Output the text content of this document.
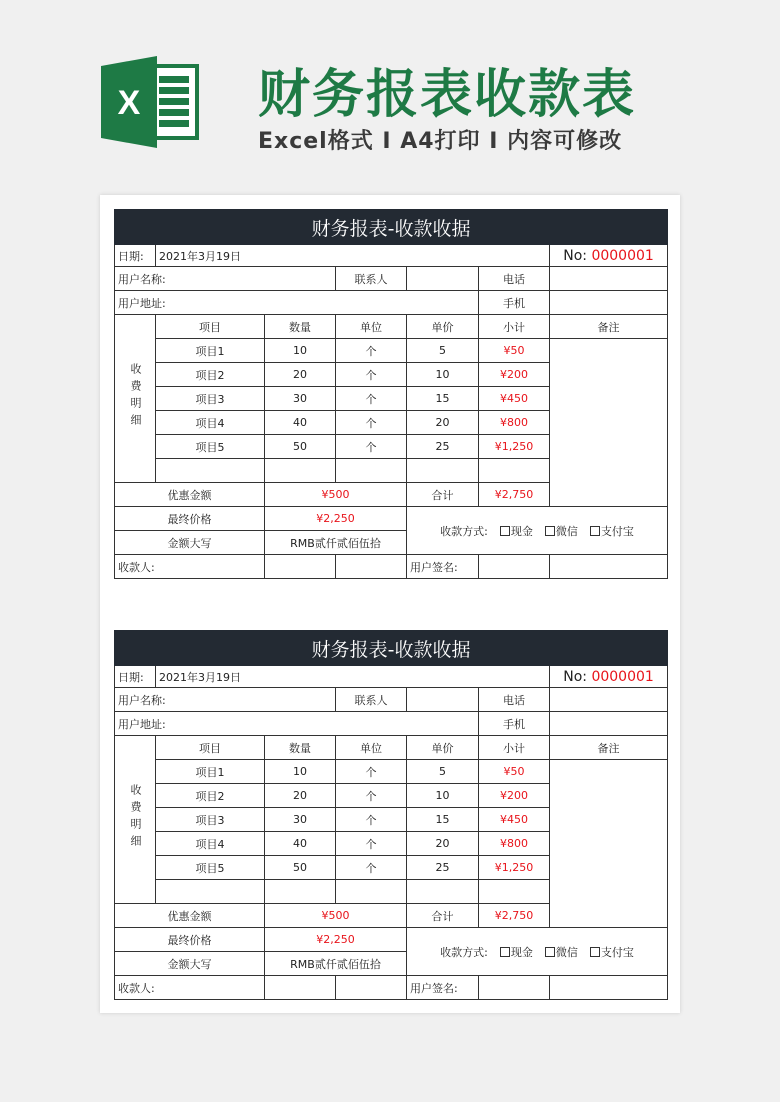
X 财务报表收款表
Excel格式 I A4打印 I 内容可修改
财务报表-收款收据						
日期:	2021年3月19日					No: 0000001
用户名称:			联系人		电话	
用户地址:					手机	
收费明细	项目	数量	单位	单价	小计	备注
	项目1	10	个	5	¥50	
	项目2	20	个	10	¥200	
	项目3	30	个	15	¥450	
	项目4	40	个	20	¥800	
	项目5	50	个	25	¥1,250	

优惠金额		¥500		合计	¥2,750	
最终价格		¥2,250		收款方式: 现金 微信 支付宝		
金额大写		RMB贰仟贰佰伍拾				
收款人:				用户签名:		
财务报表-收款收据						
日期:	2021年3月19日					No: 0000001
用户名称:			联系人		电话	
用户地址:					手机	
收费明细	项目	数量	单位	单价	小计	备注
	项目1	10	个	5	¥50	
	项目2	20	个	10	¥200	
	项目3	30	个	15	¥450	
	项目4	40	个	20	¥800	
	项目5	50	个	25	¥1,250	

优惠金额		¥500		合计	¥2,750	
最终价格		¥2,250		收款方式: 现金 微信 支付宝		
金额大写		RMB贰仟贰佰伍拾				
收款人:				用户签名:		
